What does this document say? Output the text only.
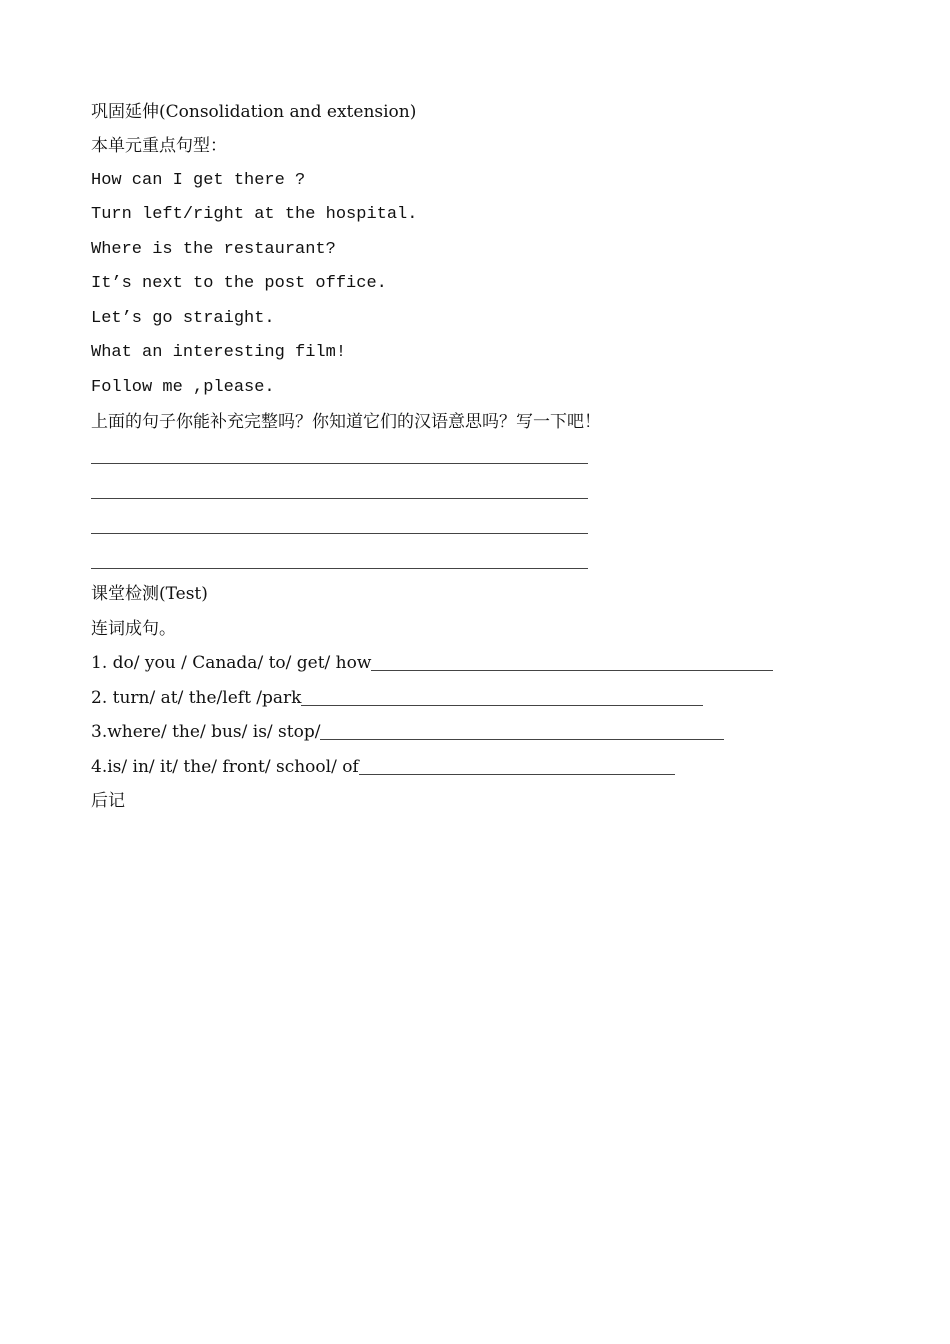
巩固延伸(Consolidation and extension)
本单元重点句型：
How can I get there ?
Turn left/right at the hospital.
Where is the restaurant?
It’s next to the post office.
Let’s go straight.
What an interesting film!
Follow me ,please.
上面的句子你能补充完整吗？你知道它们的汉语意思吗？写一下吧！
课堂检测(Test)
连词成句。
1. do/ you / Canada/ to/ get/ how
2. turn/ at/ the/left /park
3.where/ the/ bus/ is/ stop/
4.is/ in/ it/ the/ front/ school/ of
后记
